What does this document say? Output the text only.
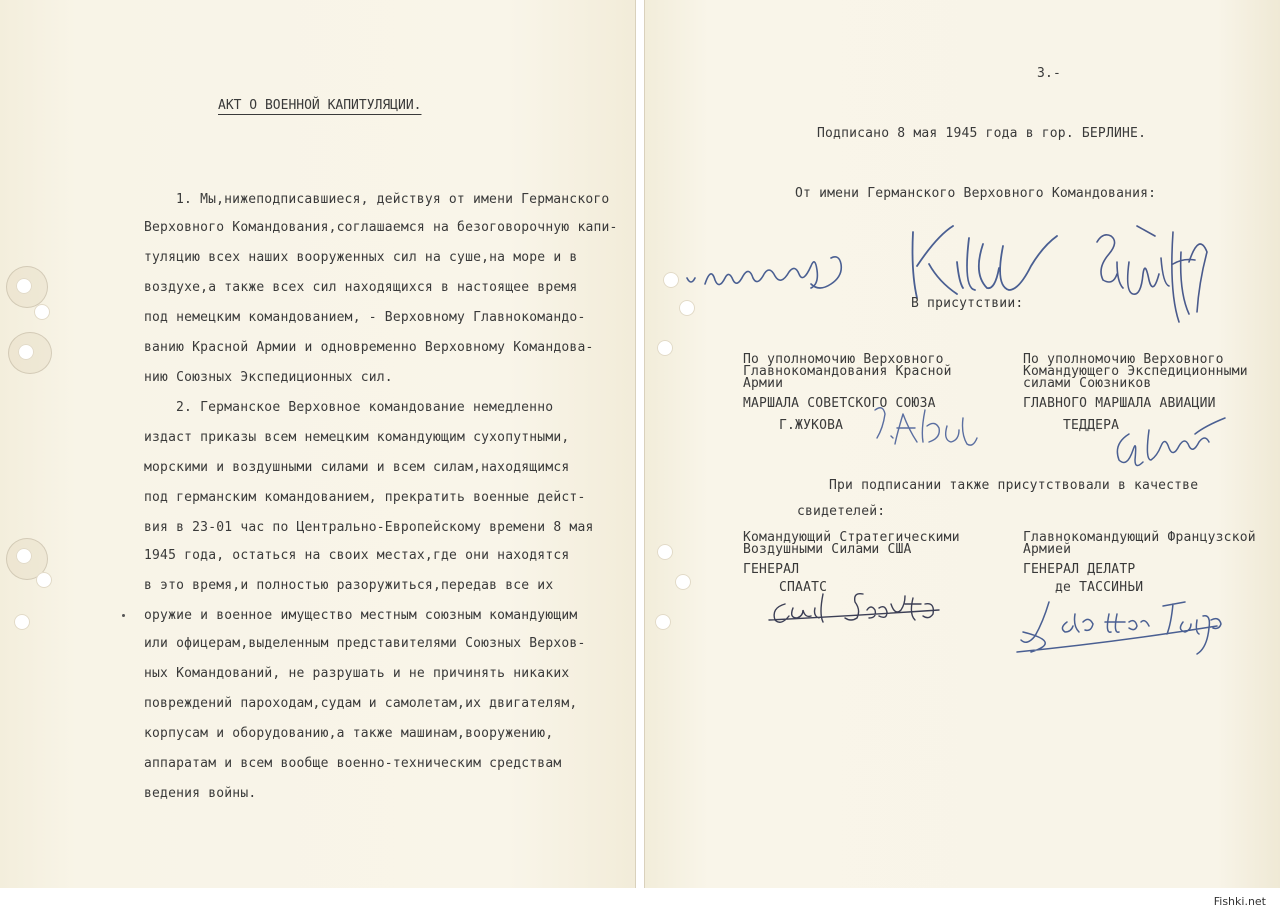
АКТ О ВОЕННОЙ КАПИТУЛЯЦИИ.
1. Мы,нижеподписавшиеся, действуя от имени Германского
Верховного Командования,соглашаемся на безоговорочную капи-
туляцию всех наших вооруженных сил на суше,на море и в
воздухе,а также всех сил находящихся в настоящее время
под немецким командованием, - Верховному Главнокомандо-
ванию Красной Армии и одновременно Верховному Командова-
нию Союзных Экспедиционных сил.
2. Германское Верховное командование немедленно
издаст приказы всем немецким командующим сухопутными,
морскими и воздушными силами и всем силам,находящимся
под германским командованием, прекратить военные дейст-
вия в 23-01 час по Центрально-Европейскому времени 8 мая
1945 года, остаться на своих местах,где они находятся
в это время,и полностью разоружиться,передав все их
оружие и военное имущество местным союзным командующим
или офицерам,выделенным представителями Союзных Верхов-
ных Командований, не разрушать и не причинять никаких
повреждений пароходам,судам и самолетам,их двигателям,
корпусам и оборудованию,а также машинам,вооружению,
аппаратам и всем вообще военно-техническим средствам
ведения войны.
3.-
Подписано 8 мая 1945 года в гор. БЕРЛИНЕ.
От имени Германского Верховного Командования:
В присутствии:
По уполномочию Верховного
Главнокомандования Красной
Армии
МАРШАЛА СОВЕТСКОГО СОЮЗА
Г.ЖУКОВА
По уполномочию Верховного
Командующего Экспедиционными
силами Союзников
ГЛАВНОГО МАРШАЛА АВИАЦИИ
ТЕДДЕРА
При подписании также присутствовали в качестве
свидетелей:
Командующий Стратегическими
Воздушными Силами США
ГЕНЕРАЛ
СПААТС
Главнокомандующий Французской
Армией
ГЕНЕРАЛ ДЕЛАТР
де ТАССИНЬИ
Fishki.net
